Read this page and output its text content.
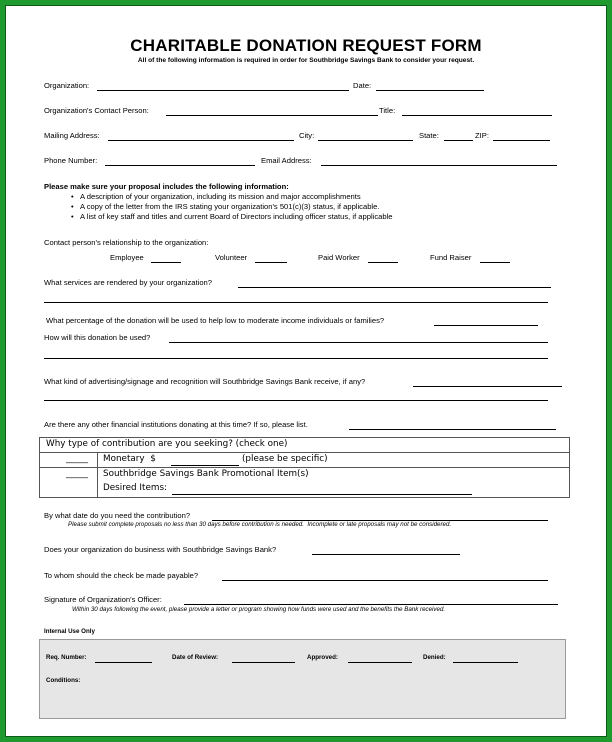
CHARITABLE DONATION REQUEST FORM
All of the following information is required in order for Southbridge Savings Bank to consider your request.
Organization:	Date:
Organization's Contact Person:	Title:
Mailing Address:	City:	State:	ZIP:
Phone Number:	Email Address:
Please make sure your proposal includes the following information:
• A description of your organization, including its mission and major accomplishments
• A copy of the letter from the IRS stating your organization's 501(c)(3) status, if applicable.
• A list of key staff and titles and current Board of Directors including officer status, if applicable
Contact person's relationship to the organization:
Employee	Volunteer	Paid Worker	Fund Raiser
What services are rendered by your organization?
What percentage of the donation will be used to help low to moderate income individuals or families?
How will this donation be used?
What kind of advertising/signage and recognition will Southbridge Savings Bank receive, if any?
Are there any other financial institutions donating at this time? If so, please list.
Why type of contribution are you seeking? (check one)
_____ Monetary  $	(please be specific)
_____ Southbridge Savings Bank Promotional Item(s)
Desired Items:
By what date do you need the contribution?
Please submit complete proposals no less than 30 days before contribution is needed.  Incomplete or late proposals may not be considered.
Does your organization do business with Southbridge Savings Bank?
To whom should the check be made payable?
Signature of Organization's Officer:
Within 30 days following the event, please provide a letter or program showing how funds were used and the benefits the Bank received.
Internal Use Only
Req. Number:	Date of Review:	Approved:	Denied:
Conditions:
